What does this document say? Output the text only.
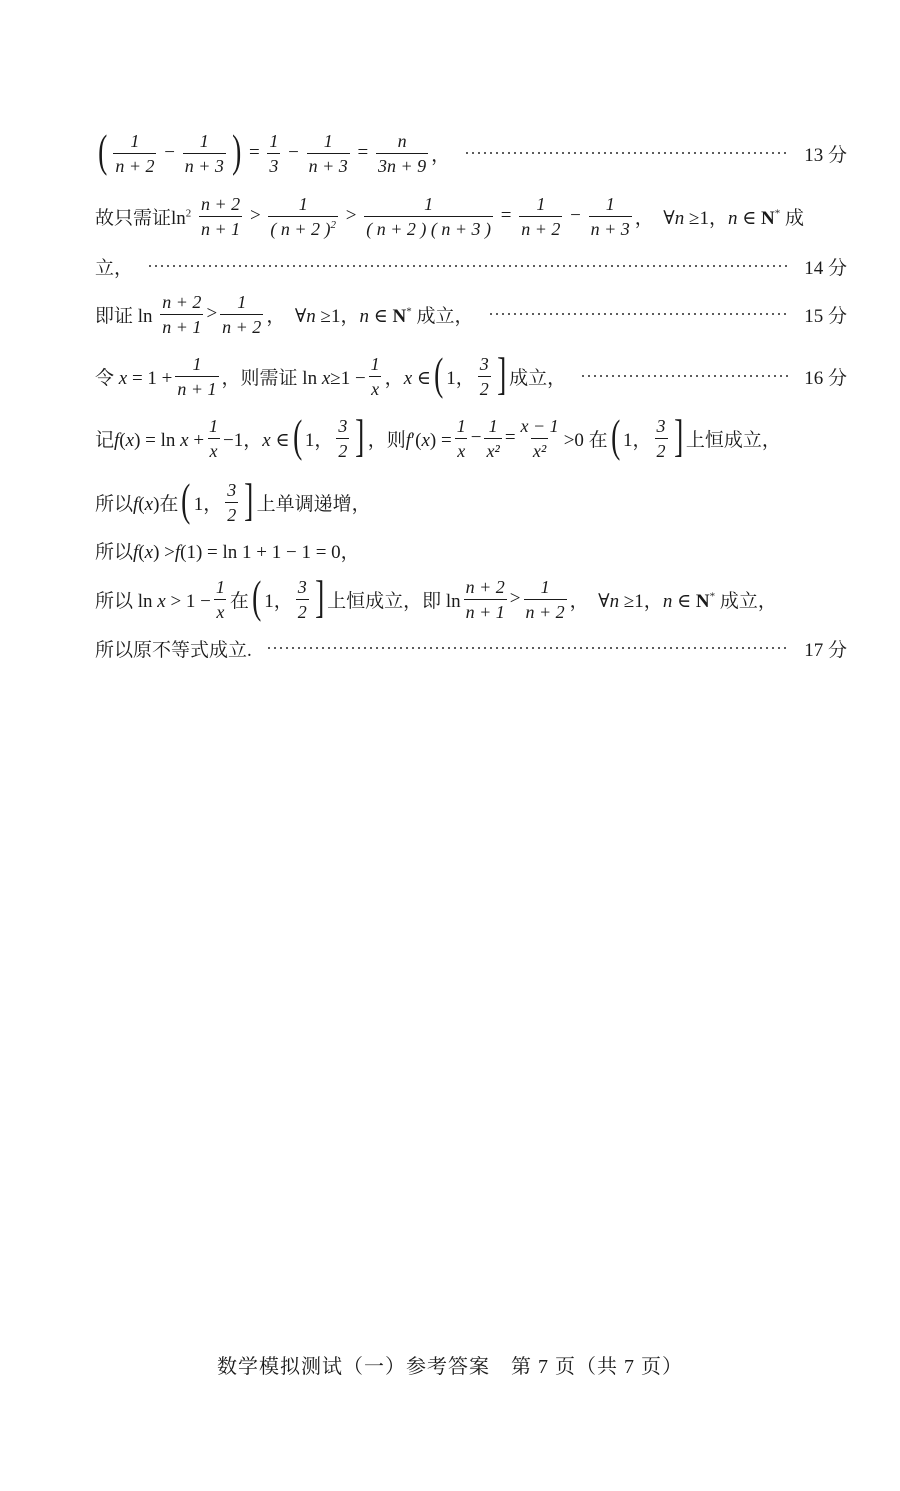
( $\frac{1}{n + 2} - \frac{1}{n + 3}$ ) = $\frac{1}{3} - \frac{1}{n + 3} = \frac{n}{3n + 9}$ ，	13 分
故只需证$\ln^2 \frac{n + 2}{n + 1} > \frac{1}{( n + 2 )^2} > \frac{1}{( n + 2 ) ( n + 3 )} = \frac{1}{n + 2} - \frac{1}{n + 3}$ ，  ∀n ≥1，n ∈ N* 成
立，	14 分
即证 $\ln \frac{n + 2}{n + 1} > \frac{1}{n + 2}$ ，  ∀n ≥1，n ∈ N* 成立，	15 分
令 $x = 1 + \frac{1}{n + 1}$ ，则需证 $\ln x\ge 1 - \frac{1}{x}$ ，x ∈ ( 1， $\frac{3}{2}$ ] 成立，	16 分
记$f(x) = \ln x + \frac{1}{x} -1$，x ∈ ( 1， $\frac{3}{2}$ ] ，则$f'(x) = \frac{1}{x} - \frac{1}{\text{x²}} = \frac{x - 1}{\text{x²}} >0$ 在 ( 1， $\frac{3}{2}$ ] 上恒成立，
所以f(x)在 ( 1， $\frac{3}{2}$ ] 上单调递增，
所以f(x) >f(1) = ln 1 + 1 − 1 = 0，
所以 $\ln x > 1 - \frac{1}{x}$ 在 ( 1， $\frac{3}{2}$ ] 上恒成立，即 $\ln \frac{n + 2}{n + 1} > \frac{1}{n + 2}$ ，  ∀n ≥1，n ∈ N* 成立，
所以原不等式成立.	17 分
数学模拟测试（一）参考答案　第 7 页（共 7 页）
